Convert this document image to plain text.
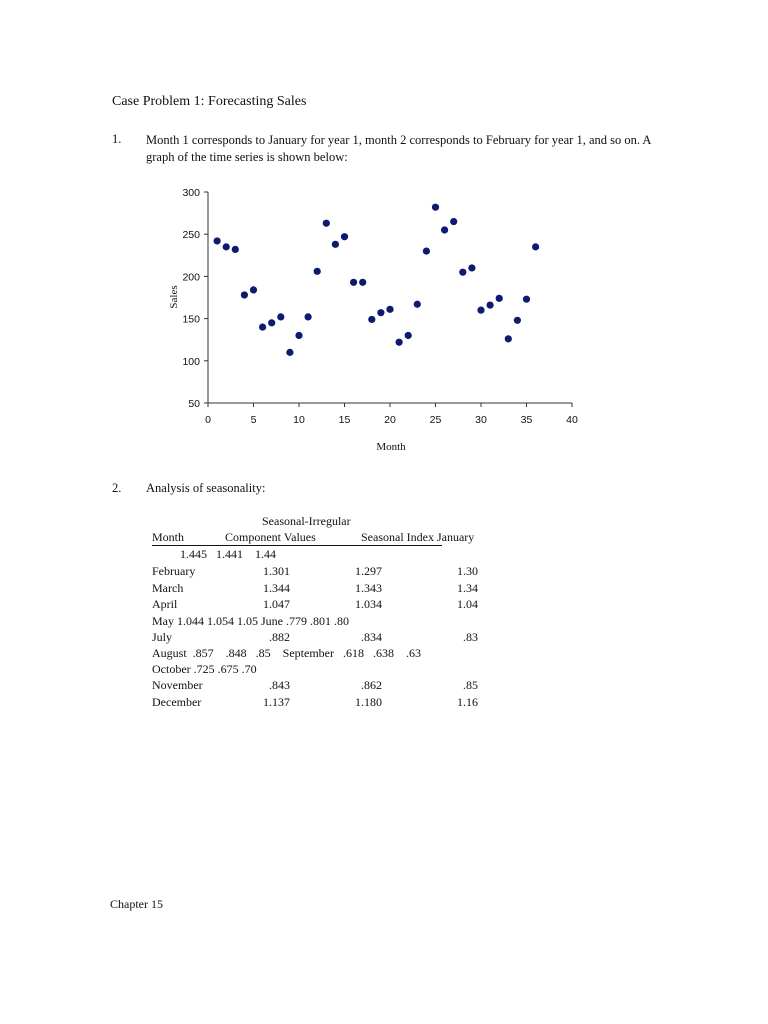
Case Problem 1: Forecasting Sales
1. Month 1 corresponds to January for year 1, month 2 corresponds to February for year 1, and so on. A
graph of the time series is shown below:
300
250
200
150
100
50
0	5	10	15	20	25	30	35	40
Month
Sales
2. Analysis of seasonality:
Seasonal-Irregular
Month	Component Values	Seasonal Index January
1.445   1.441    1.44
February	1.301	1.297	1.30
March	1.344	1.343	1.34
April	1.047	1.034	1.04
May 1.044 1.054 1.05 June .779 .801 .80
July	.882	.834	.83
August  .857    .848   .85    September   .618   .638    .63
October .725 .675 .70
November	.843	.862	.85
December	1.137	1.180	1.16
Chapter 15
